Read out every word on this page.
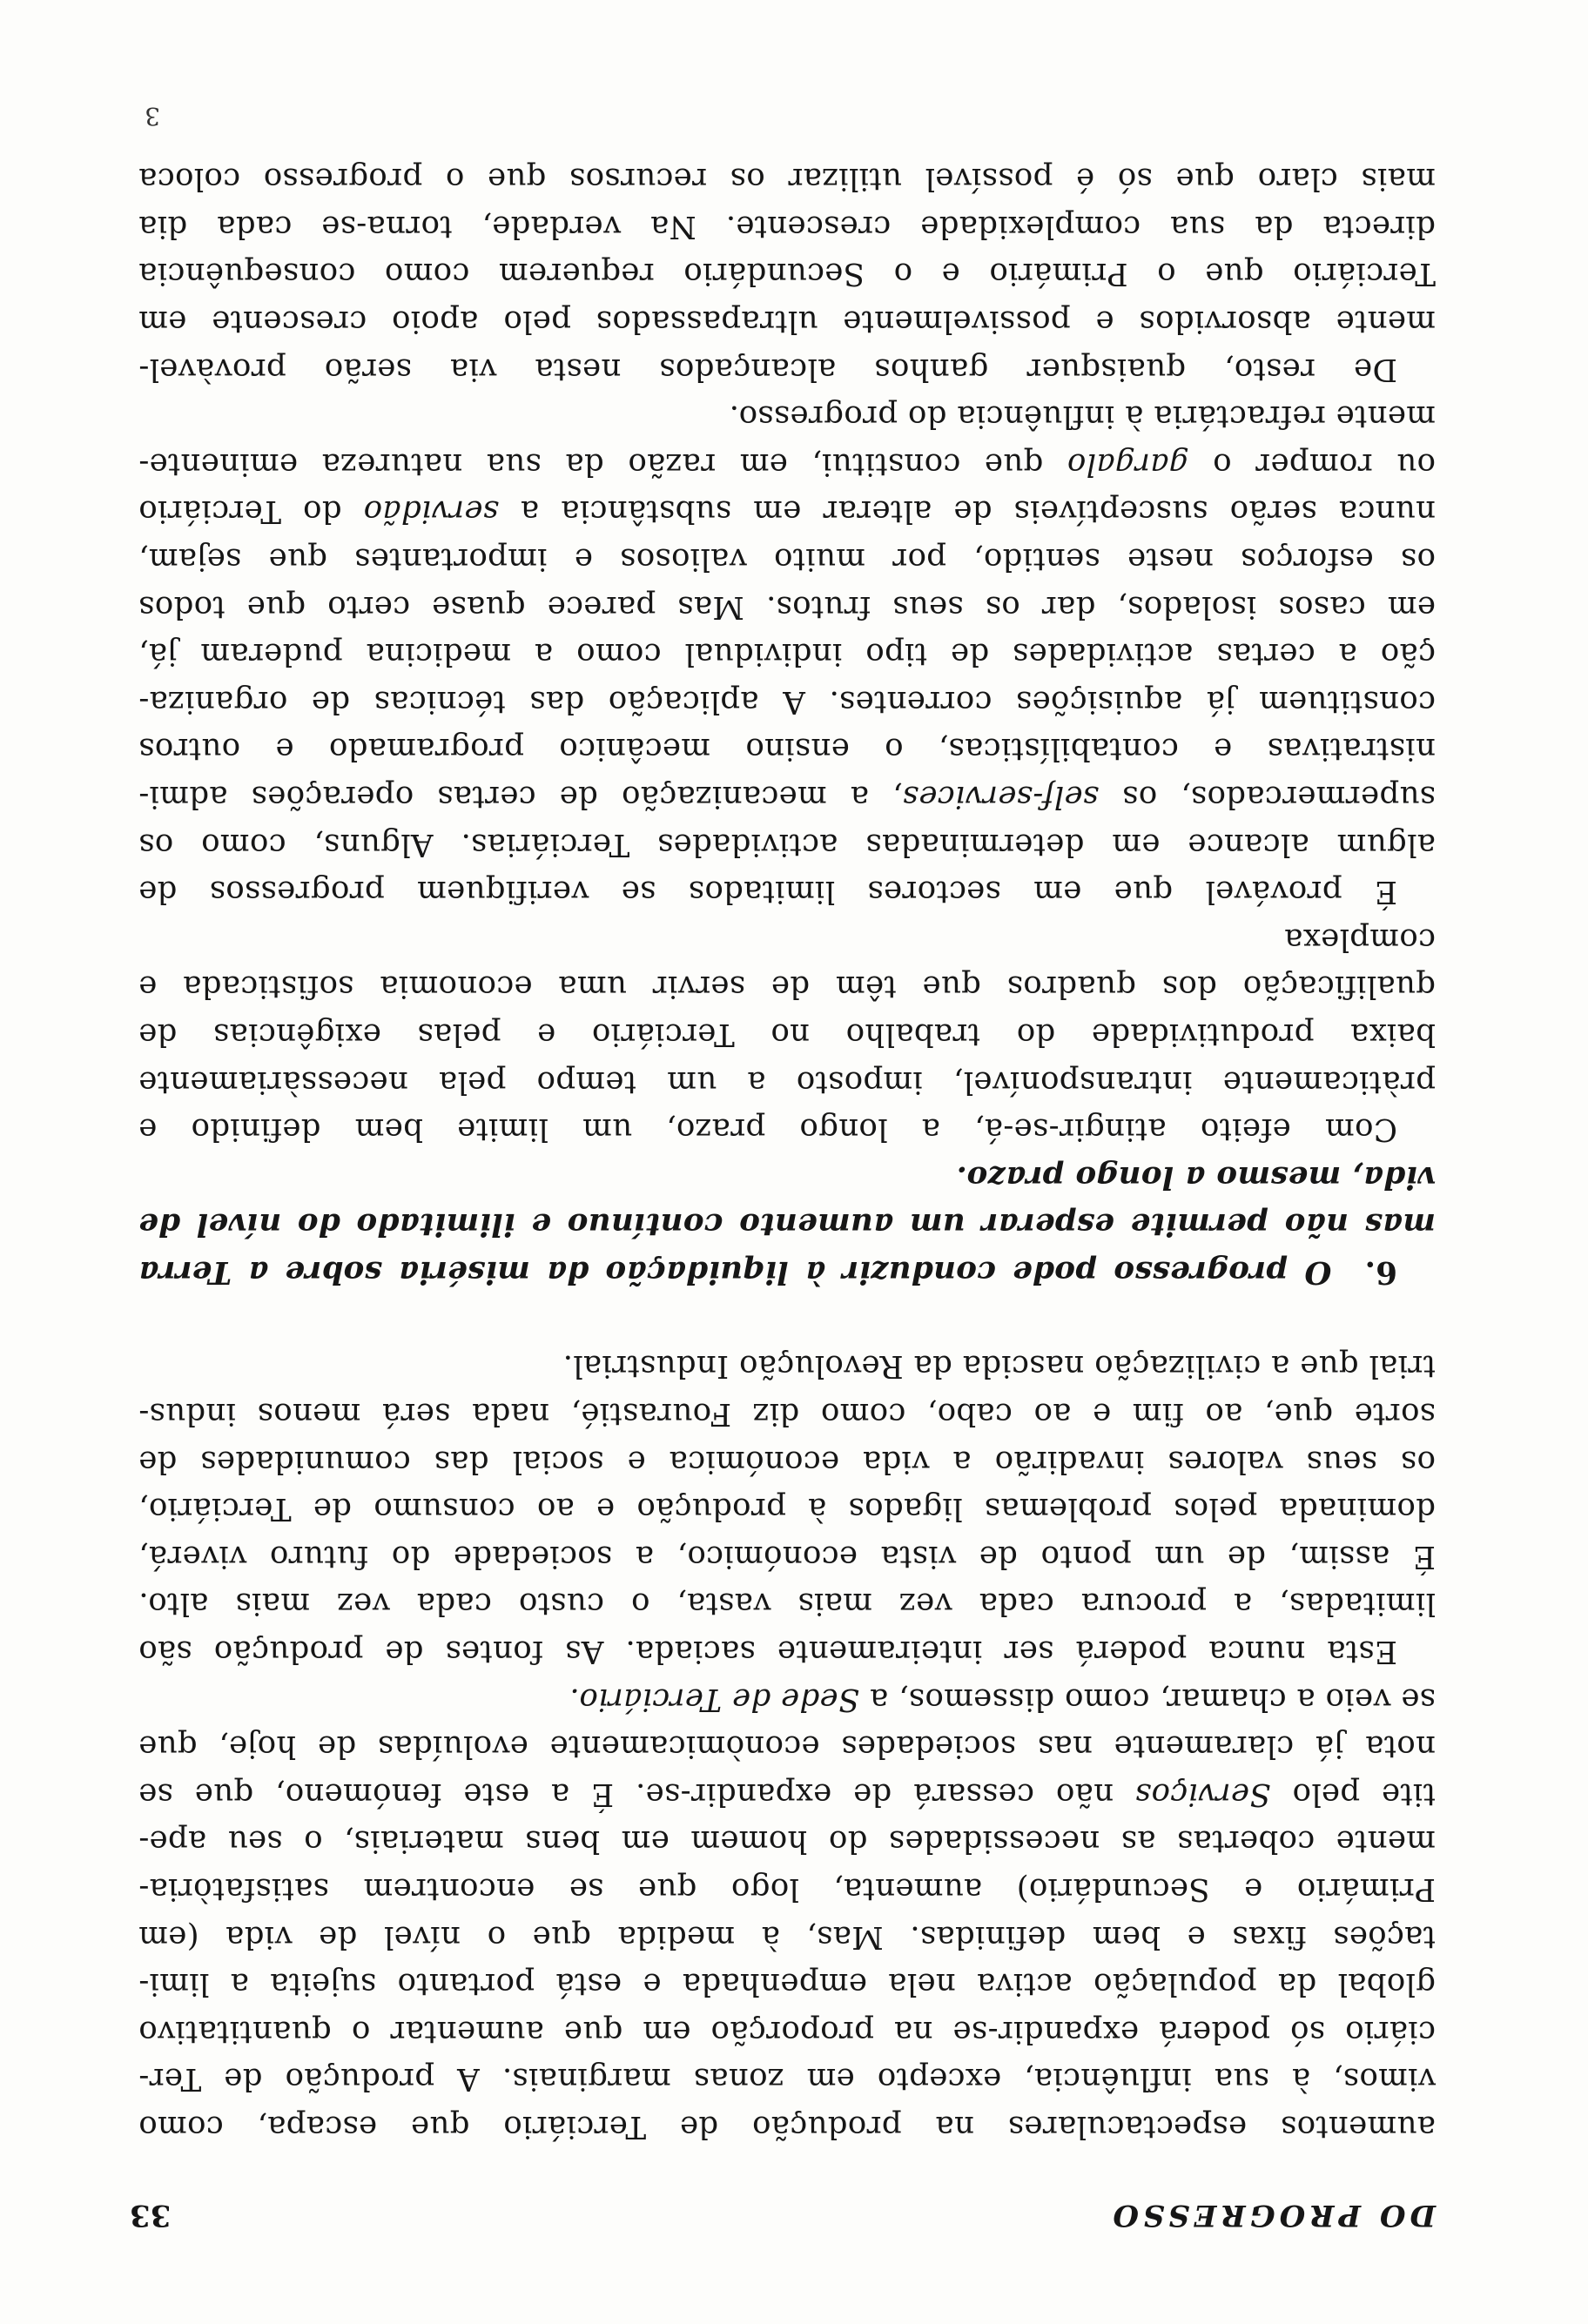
DO PROGRESSO
33

aumentos espectaculares na produção de Terciário que escapa, como
vimos, à sua influência, excepto em zonas marginais. A produção de Ter-
ciário só poderá expandir-se na proporção em que aumentar o quantitativo
global da população activa nela empenhada e está portanto sujeita a limi-
tações fixas e bem definidas. Mas, à medida que o nível de vida (em
Primário e Secundário) aumenta, logo que se encontrem satisfatòria-
mente cobertas as necessidades do homem em bens materiais, o seu ape-
tite pelo Serviços não cessará de expandir-se. É a este fenómeno, que se
nota já claramente nas sociedades econòmicamente evoluídas de hoje, que
se veio a chamar, como dissemos, a Sede de Terciário.

Esta nunca poderá ser inteiramente saciada. As fontes de produção são
limitadas, a procura cada vez mais vasta, o custo cada vez mais alto.
É assim, de um ponto de vista económico, a sociedade do futuro viverá,
dominada pelos problemas ligados à produção e ao consumo de Terciário,
os seus valores invadirão a vida económica e social das comunidades de
sorte que, ao fim e ao cabo, como diz Fourastié, nada será menos indus-
trial que a civilização nascida da Revolução Industrial.

6.  O progresso pode conduzir à liquidação da miséria sobre a Terra
mas não permite esperar um aumento contínuo e ilimitado do nível de
vida, mesmo a longo prazo.

Com efeito atingir-se-á, a longo prazo, um limite bem definido e
pràticamente intransponível, imposto a um tempo pela necessàriamente
baixa produtividade do trabalho no Terciário e pelas exigências de
qualificação dos quadros que têm de servir uma economia sofisticada e
complexa

É provável que em sectores limitados se verifiquem progressos de
algum alcance em determinadas actividades Terciárias. Alguns, como os
supermercados, os self-services, a mecanização de certas operações admi-
nistrativas e contabilísticas, o ensino mecânico programado e outros
constituem já aquisições correntes. A aplicação das técnicas de organiza-
ção a certas actividades de tipo individual como a medicina puderam já,
em casos isolados, dar os seus frutos. Mas parece quase certo que todos
os esforços neste sentido, por muito valiosos e importantes que sejam,
nunca serão susceptíveis de alterar em substância a servidão do Terciário
ou romper o gargalo que constitui, em razão da sua natureza eminente-
mente refractária à influência do progresso.

De resto, quaisquer ganhos alcançados nesta via serão provàvel-
mente absorvidos e possivelmente ultrapassados pelo apoio crescente em
Terciário que o Primário e o Secundário requerem como consequência
directa da sua complexidade crescente. Na verdade, torna-se cada dia
mais claro que só é possível utilizar os recursos que o progresso coloca

3
